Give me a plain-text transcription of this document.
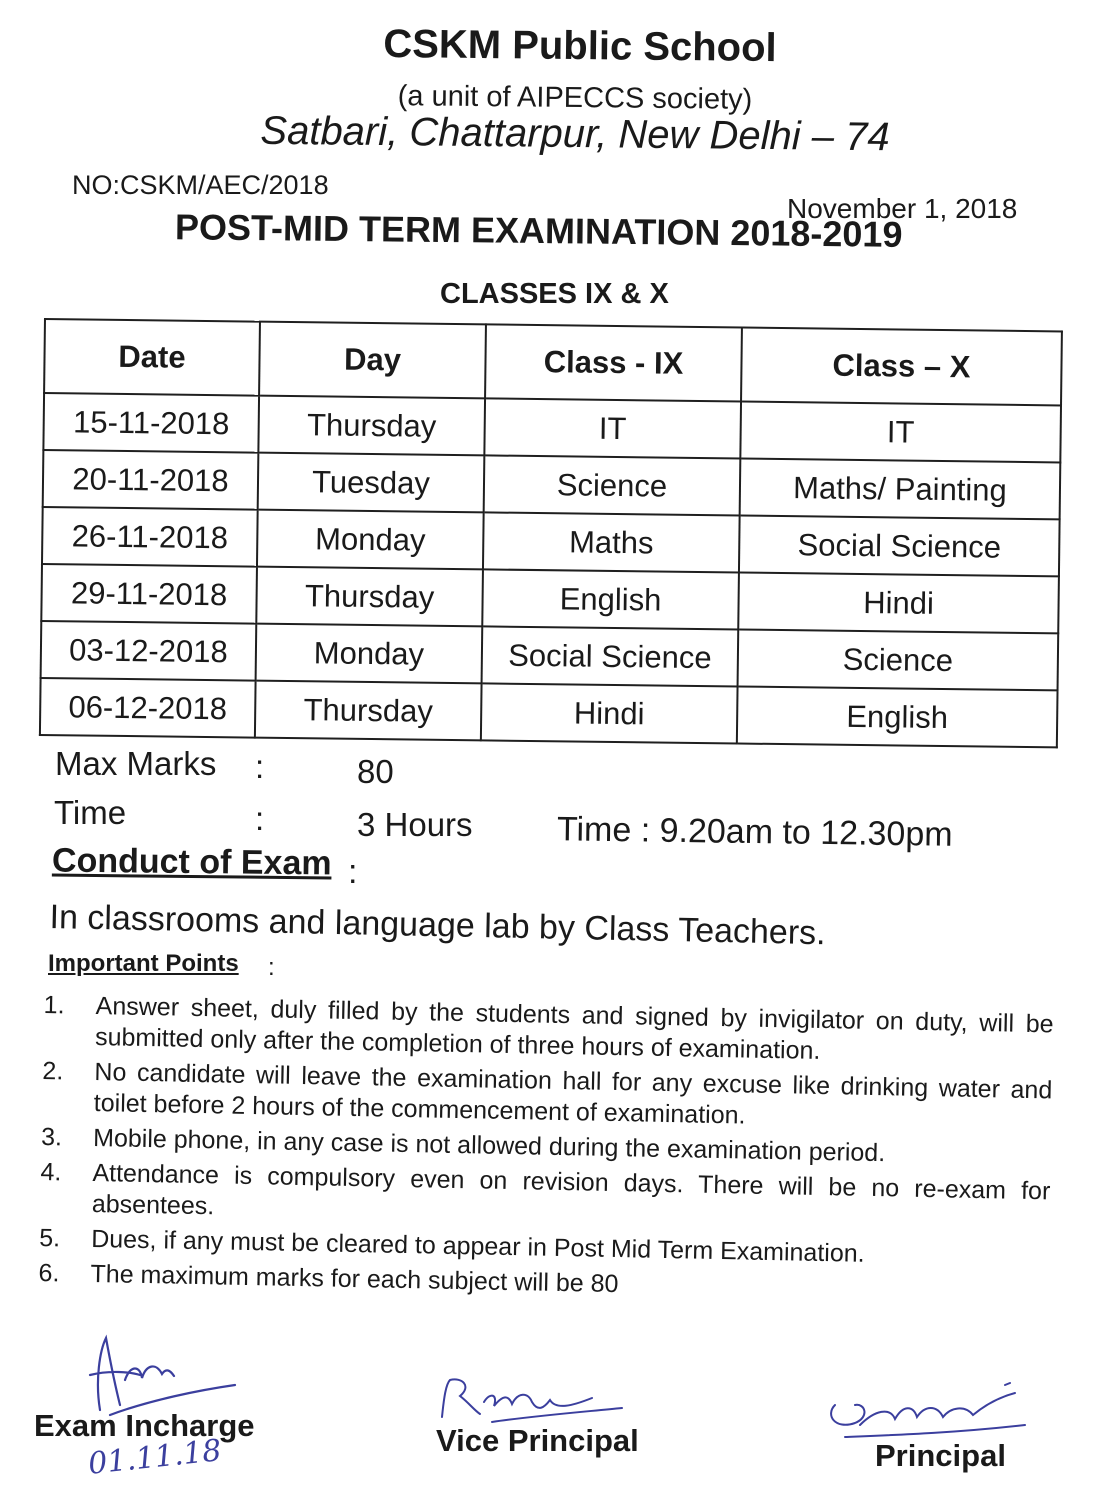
CSKM Public School
(a unit of AIPECCS society)
Satbari, Chattarpur, New Delhi – 74
NO:CSKM/AEC/2018
November 1, 2018
POST-MID TERM EXAMINATION 2018-2019
CLASSES IX & X
Date	Day	Class - IX	Class – X
15-11-2018	Thursday	IT	IT
20-11-2018	Tuesday	Science	Maths/ Painting
26-11-2018	Monday	Maths	Social Science
29-11-2018	Thursday	English	Hindi
03-12-2018	Monday	Social Science	Science
06-12-2018	Thursday	Hindi	English
Max Marks :	80
Time	:	3 Hours Time : 9.20am to 12.30pm
Conduct of Exam :
In classrooms and language lab by Class Teachers.
Important Points :
1.	Answer sheet, duly filled by the students and signed by invigilator on duty, will be submitted only after the completion of three hours of examination.
2.	No candidate will leave the examination hall for any excuse like drinking water and toilet before 2 hours of the commencement of examination.
3.	Mobile phone, in any case is not allowed during the examination period.
4.	Attendance is compulsory even on revision days. There will be no re-exam for absentees.
5.	Dues, if any must be cleared to appear in Post Mid Term Examination.
6.	The maximum marks for each subject will be 80
Exam Incharge
01.11.18	Vice Principal	Principal
